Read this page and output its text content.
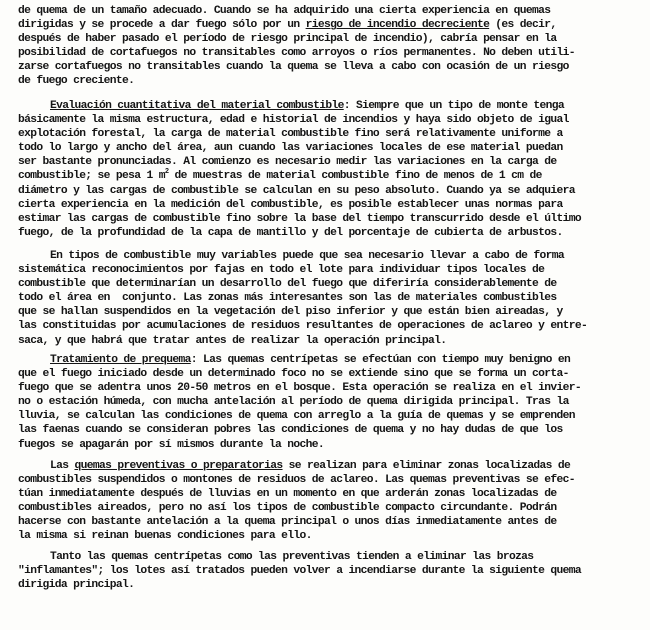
de quema de un tamaño adecuado. Cuando se ha adquirido una cierta experiencia en quemas
dirigidas y se procede a dar fuego sólo por un riesgo de incendio decreciente (es decir,
después de haber pasado el período de riesgo principal de incendio), cabría pensar en la
posibilidad de cortafuegos no transitables como arroyos o ríos permanentes. No deben utili-
zarse cortafuegos no transitables cuando la quema se lleva a cabo con ocasión de un riesgo
de fuego creciente.

Evaluación cuantitativa del material combustible: Siempre que un tipo de monte tenga
básicamente la misma estructura, edad e historial de incendios y haya sido objeto de igual
explotación forestal, la carga de material combustible fino será relativamente uniforme a
todo lo largo y ancho del área, aun cuando las variaciones locales de ese material puedan
ser bastante pronunciadas. Al comienzo es necesario medir las variaciones en la carga de
combustible; se pesa 1 $m^2$ de muestras de material combustible fino de menos de 1 cm de
diámetro y las cargas de combustible se calculan en su peso absoluto. Cuando ya se adquiera
cierta experiencia en la medición del combustible, es posible establecer unas normas para
estimar las cargas de combustible fino sobre la base del tiempo transcurrido desde el último
fuego, de la profundidad de la capa de mantillo y del porcentaje de cubierta de arbustos.

En tipos de combustible muy variables puede que sea necesario llevar a cabo de forma
sistemática reconocimientos por fajas en todo el lote para individuar tipos locales de
combustible que determinarían un desarrollo del fuego que diferiría considerablemente de
todo el área en  conjunto. Las zonas más interesantes son las de materiales combustibles
que se hallan suspendidos en la vegetación del piso inferior y que están bien aireadas, y
las constituidas por acumulaciones de residuos resultantes de operaciones de aclareo y entre-
saca, y que habrá que tratar antes de realizar la operación principal.

Tratamiento de prequema: Las quemas centrípetas se efectúan con tiempo muy benigno en
que el fuego iniciado desde un determinado foco no se extiende sino que se forma un corta-
fuego que se adentra unos 20-50 metros en el bosque. Esta operación se realiza en el invier-
no o estación húmeda, con mucha antelación al período de quema dirigida principal. Tras la
lluvia, se calculan las condiciones de quema con arreglo a la guía de quemas y se emprenden
las faenas cuando se consideran pobres las condiciones de quema y no hay dudas de que los
fuegos se apagarán por sí mismos durante la noche.

Las quemas preventivas o preparatorias se realizan para eliminar zonas localizadas de
combustibles suspendidos o montones de residuos de aclareo. Las quemas preventivas se efec-
túan inmediatamente después de lluvias en un momento en que arderán zonas localizadas de
combustibles aireados, pero no así los tipos de combustible compacto circundante. Podrán
hacerse con bastante antelación a la quema principal o unos días inmediatamente antes de
la misma si reinan buenas condiciones para ello.

Tanto las quemas centrípetas como las preventivas tienden a eliminar las brozas
"inflamantes"; los lotes así tratados pueden volver a incendiarse durante la siguiente quema
dirigida principal.
